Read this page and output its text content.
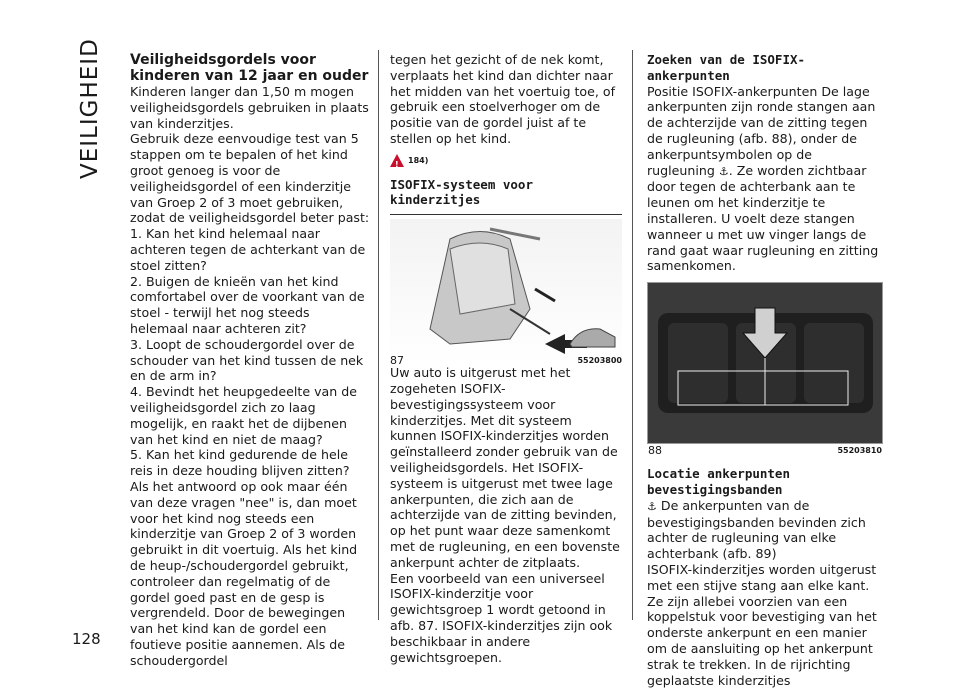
VEILIGHEID
128

Veiligheidsgordels voor kinderen van 12 jaar en ouder

Kinderen langer dan 1,50 m mogen veiligheidsgordels gebruiken in plaats van kinderzitjes.

Gebruik deze eenvoudige test van 5 stappen om te bepalen of het kind groot genoeg is voor de veiligheidsgordel of een kinderzitje van Groep 2 of 3 moet gebruiken, zodat de veiligheidsgordel beter past:

1. Kan het kind helemaal naar achteren tegen de achterkant van de stoel zitten?

2. Buigen de knieën van het kind comfortabel over de voorkant van de stoel - terwijl het nog steeds helemaal naar achteren zit?

3. Loopt de schoudergordel over de schouder van het kind tussen de nek en de arm in?

4. Bevindt het heupgedeelte van de veiligheidsgordel zich zo laag mogelijk, en raakt het de dijbenen van het kind en niet de maag?

5. Kan het kind gedurende de hele reis in deze houding blijven zitten?

Als het antwoord op ook maar één van deze vragen "nee" is, dan moet voor het kind nog steeds een kinderzitje van Groep 2 of 3 worden gebruikt in dit voertuig. Als het kind de heup-/schoudergordel gebruikt, controleer dan regelmatig of de gordel goed past en de gesp is vergrendeld. Door de bewegingen van het kind kan de gordel een foutieve positie aannemen. Als de schoudergordel

tegen het gezicht of de nek komt, verplaats het kind dan dichter naar het midden van het voertuig toe, of gebruik een stoelverhoger om de positie van de gordel juist af te stellen op het kind.

! 184)

ISOFIX-systeem voor kinderzitjes

87	55203800

Uw auto is uitgerust met het zogeheten ISOFIX-bevestigingssysteem voor kinderzitjes. Met dit systeem kunnen ISOFIX-kinderzitjes worden geïnstalleerd zonder gebruik van de veiligheidsgordels. Het ISOFIX-systeem is uitgerust met twee lage ankerpunten, die zich aan de achterzijde van de zitting bevinden, op het punt waar deze samenkomt met de rugleuning, en een bovenste ankerpunt achter de zitplaats.

Een voorbeeld van een universeel ISOFIX-kinderzitje voor gewichtsgroep 1 wordt getoond in afb. 87. ISOFIX-kinderzitjes zijn ook beschikbaar in andere gewichtsgroepen.

Zoeken van de ISOFIX-ankerpunten

Positie ISOFIX-ankerpunten De lage ankerpunten zijn ronde stangen aan de achterzijde van de zitting tegen de rugleuning (afb. 88), onder de ankerpuntsymbolen op de rugleuning ⚓. Ze worden zichtbaar door tegen de achterbank aan te leunen om het kinderzitje te installeren. U voelt deze stangen wanneer u met uw vinger langs de rand gaat waar rugleuning en zitting samenkomen.

88	55203810

Locatie ankerpunten bevestigingsbanden

⚓ De ankerpunten van de bevestigingsbanden bevinden zich achter de rugleuning van elke achterbank (afb. 89)

ISOFIX-kinderzitjes worden uitgerust met een stijve stang aan elke kant. Ze zijn allebei voorzien van een koppelstuk voor bevestiging van het onderste ankerpunt en een manier om de aansluiting op het ankerpunt strak te trekken. In de rijrichting geplaatste kinderzitjes
